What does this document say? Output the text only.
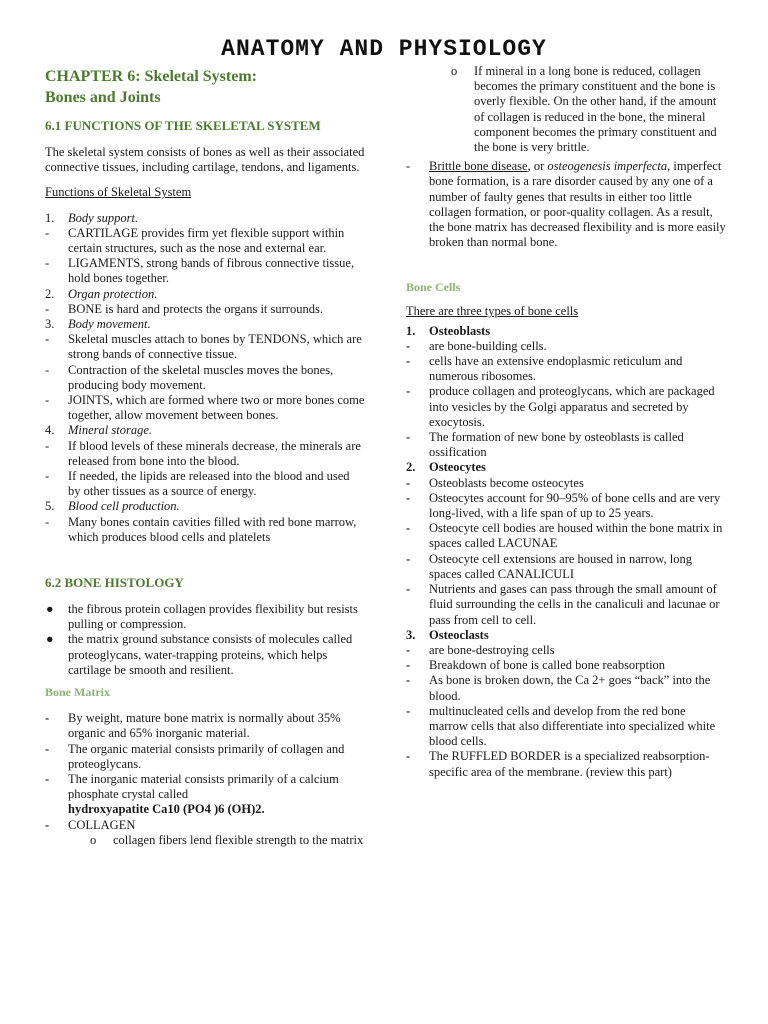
ANATOMY AND PHYSIOLOGY

CHAPTER 6: Skeletal System:

Bones and Joints

6.1 FUNCTIONS OF THE SKELETAL SYSTEM

The skeletal system consists of bones as well as their associated connective tissues, including cartilage, tendons, and ligaments.

Functions of Skeletal System

1. Body support.
- CARTILAGE provides firm yet flexible support within certain structures, such as the nose and external ear.
- LIGAMENTS, strong bands of fibrous connective tissue, hold bones together.
2. Organ protection.
- BONE is hard and protects the organs it surrounds.
3. Body movement.
- Skeletal muscles attach to bones by TENDONS, which are strong bands of connective tissue.
- Contraction of the skeletal muscles moves the bones, producing body movement.
- JOINTS, which are formed where two or more bones come together, allow movement between bones.
4. Mineral storage.
- If blood levels of these minerals decrease, the minerals are released from bone into the blood.
- If needed, the lipids are released into the blood and used by other tissues as a source of energy.
5. Blood cell production.
- Many bones contain cavities filled with red bone marrow, which produces blood cells and platelets

6.2 BONE HISTOLOGY

● the fibrous protein collagen provides flexibility but resists pulling or compression.
● the matrix ground substance consists of molecules called proteoglycans, water-trapping proteins, which helps cartilage be smooth and resilient.

Bone Matrix

- By weight, mature bone matrix is normally about 35% organic and 65% inorganic material.
- The organic material consists primarily of collagen and proteoglycans.
- The inorganic material consists primarily of a calcium phosphate crystal called
hydroxyapatite Ca10 (PO4 )6 (OH)2.
- COLLAGEN
o collagen fibers lend flexible strength to the matrix
o If mineral in a long bone is reduced, collagen becomes the primary constituent and the bone is overly flexible. On the other hand, if the amount of collagen is reduced in the bone, the mineral component becomes the primary constituent and the bone is very brittle.
- Brittle bone disease, or osteogenesis imperfecta, imperfect bone formation, is a rare disorder caused by any one of a number of faulty genes that results in either too little collagen formation, or poor-quality collagen. As a result, the bone matrix has decreased flexibility and is more easily broken than normal bone.

Bone Cells

There are three types of bone cells

1. Osteoblasts
- are bone-building cells.
- cells have an extensive endoplasmic reticulum and numerous ribosomes.
- produce collagen and proteoglycans, which are packaged into vesicles by the Golgi apparatus and secreted by exocytosis.
- The formation of new bone by osteoblasts is called ossification
2. Osteocytes
- Osteoblasts become osteocytes
- Osteocytes account for 90–95% of bone cells and are very long-lived, with a life span of up to 25 years.
- Osteocyte cell bodies are housed within the bone matrix in spaces called LACUNAE
- Osteocyte cell extensions are housed in narrow, long spaces called CANALICULI
- Nutrients and gases can pass through the small amount of fluid surrounding the cells in the canaliculi and lacunae or pass from cell to cell.
3. Osteoclasts
- are bone-destroying cells
- Breakdown of bone is called bone reabsorption
- As bone is broken down, the Ca 2+ goes “back” into the blood.
- multinucleated cells and develop from the red bone marrow cells that also differentiate into specialized white blood cells.
- The RUFFLED BORDER is a specialized reabsorption-specific area of the membrane. (review this part)
